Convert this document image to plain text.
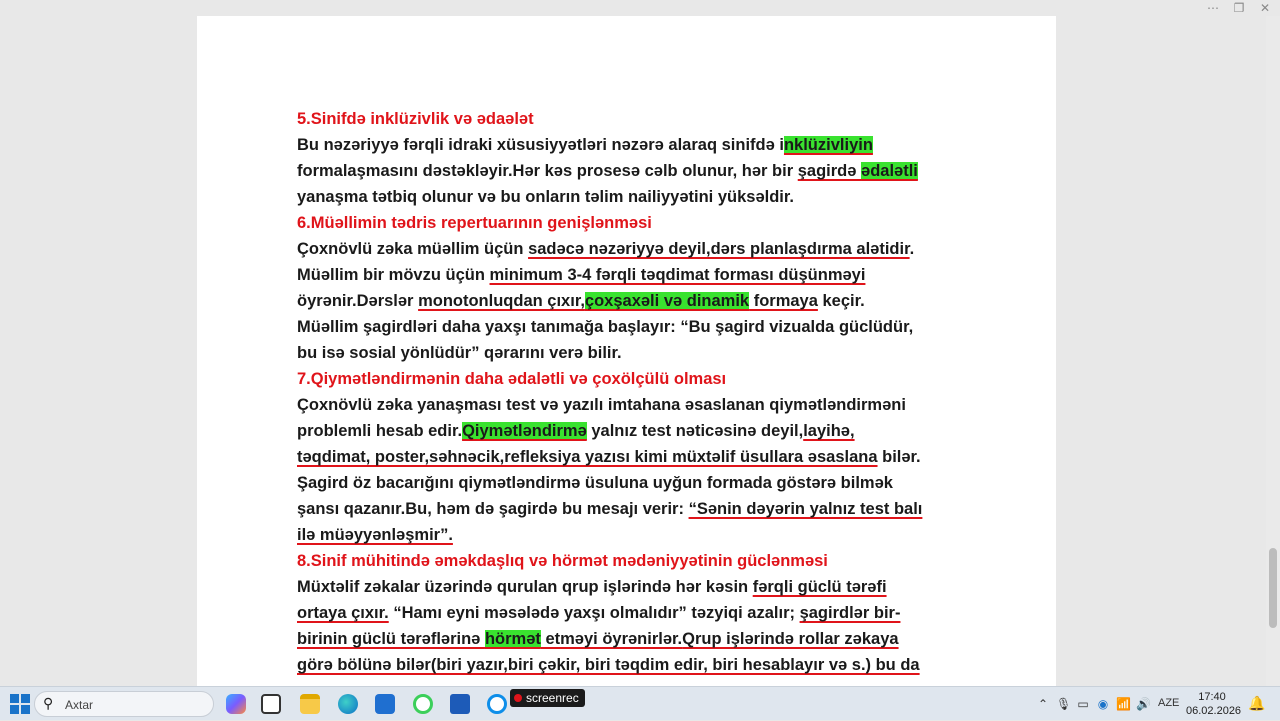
⋯ ❐ ✕
5.Sinifdə inklüzivlik və ədaələt
Bu nəzəriyyə fərqli idraki xüsusiyyətləri nəzərə alaraq sinifdə inklüzivliyin
formalaşmasını dəstəkləyir.Hər kəs prosesə cəlb olunur, hər bir şagirdə ədalətli
yanaşma tətbiq olunur və bu onların təlim nailiyyətini yüksəldir.
6.Müəllimin tədris repertuarının genişlənməsi
Çoxnövlü zəka müəllim üçün sadəcə nəzəriyyə deyil,dərs planlaşdırma alətidir.
Müəllim bir mövzu üçün minimum 3-4 fərqli təqdimat forması düşünməyi
öyrənir.Dərslər monotonluqdan çıxır,çoxşaxəli və dinamik formaya keçir.
Müəllim şagirdləri daha yaxşı tanımağa başlayır: “Bu şagird vizualda güclüdür,
bu isə sosial yönlüdür” qərarını verə bilir.
7.Qiymətləndirmənin daha ədalətli və çoxölçülü olması
Çoxnövlü zəka yanaşması test və yazılı imtahana əsaslanan qiymətləndirməni
problemli hesab edir.Qiymətləndirmə yalnız test nəticəsinə deyil,layihə,
təqdimat, poster,səhnəcik,refleksiya yazısı kimi müxtəlif üsullara əsaslana bilər.
Şagird öz bacarığını qiymətləndirmə üsuluna uyğun formada göstərə bilmək
şansı qazanır.Bu, həm də şagirdə bu mesajı verir: “Sənin dəyərin yalnız test balı
ilə müəyyənləşmir”.
8.Sinif mühitində əməkdaşlıq və hörmət mədəniyyətinin güclənməsi
Müxtəlif zəkalar üzərində qurulan qrup işlərində hər kəsin fərqli güclü tərəfi
ortaya çıxır. “Hamı eyni məsələdə yaxşı olmalıdır” təzyiqi azalır; şagirdlər bir-
birinin güclü tərəflərinə hörmət etməyi öyrənirlər.Qrup işlərində rollar zəkaya
görə bölünə bilər(biri yazır,biri çəkir, biri təqdim edir, biri hesablayır və s.) bu da
⚲
Axtar	⌃ 🎙 ▭ ◉ 📶 🔊 AZE	17:40
06.02.2026 🔔
screenrec
